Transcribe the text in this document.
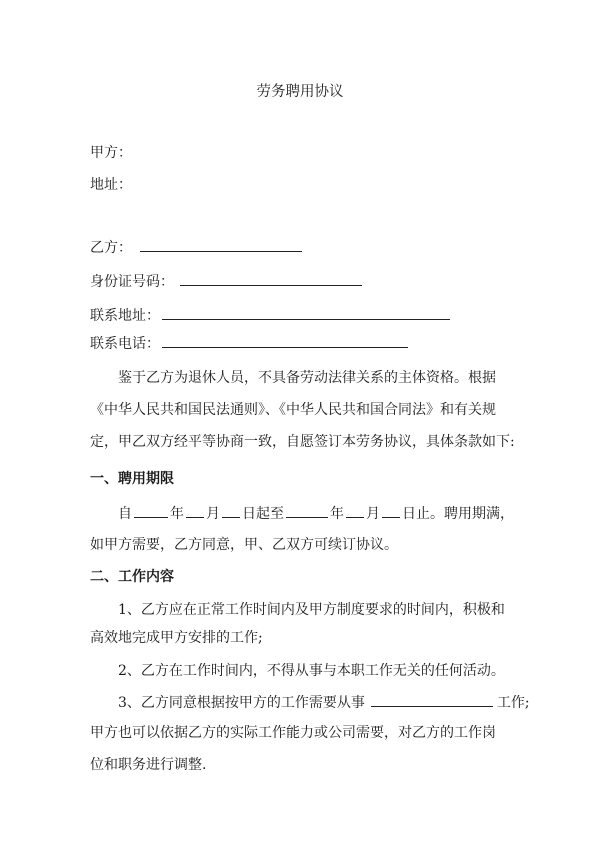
劳务聘用协议
甲方：
地址：
乙方：
身份证号码：
联系地址：
联系电话：
鉴于乙方为退休人员，不具备劳动法律关系的主体资格。根据
《中华人民共和国民法通则》、《中华人民共和国合同法》和有关规
定，甲乙双方经平等协商一致，自愿签订本劳务协议，具体条款如下:
一、聘用期限
自	年 月 日起至	年 月 日止。聘用期满，
如甲方需要，乙方同意，甲、乙双方可续订协议。
二、工作内容
1、乙方应在正常工作时间内及甲方制度要求的时间内，积极和
高效地完成甲方安排的工作;
2、乙方在工作时间内，不得从事与本职工作无关的任何活动。
3、乙方同意根据按甲方的工作需要从事	工作;
甲方也可以依据乙方的实际工作能力或公司需要，对乙方的工作岗
位和职务进行调整.
